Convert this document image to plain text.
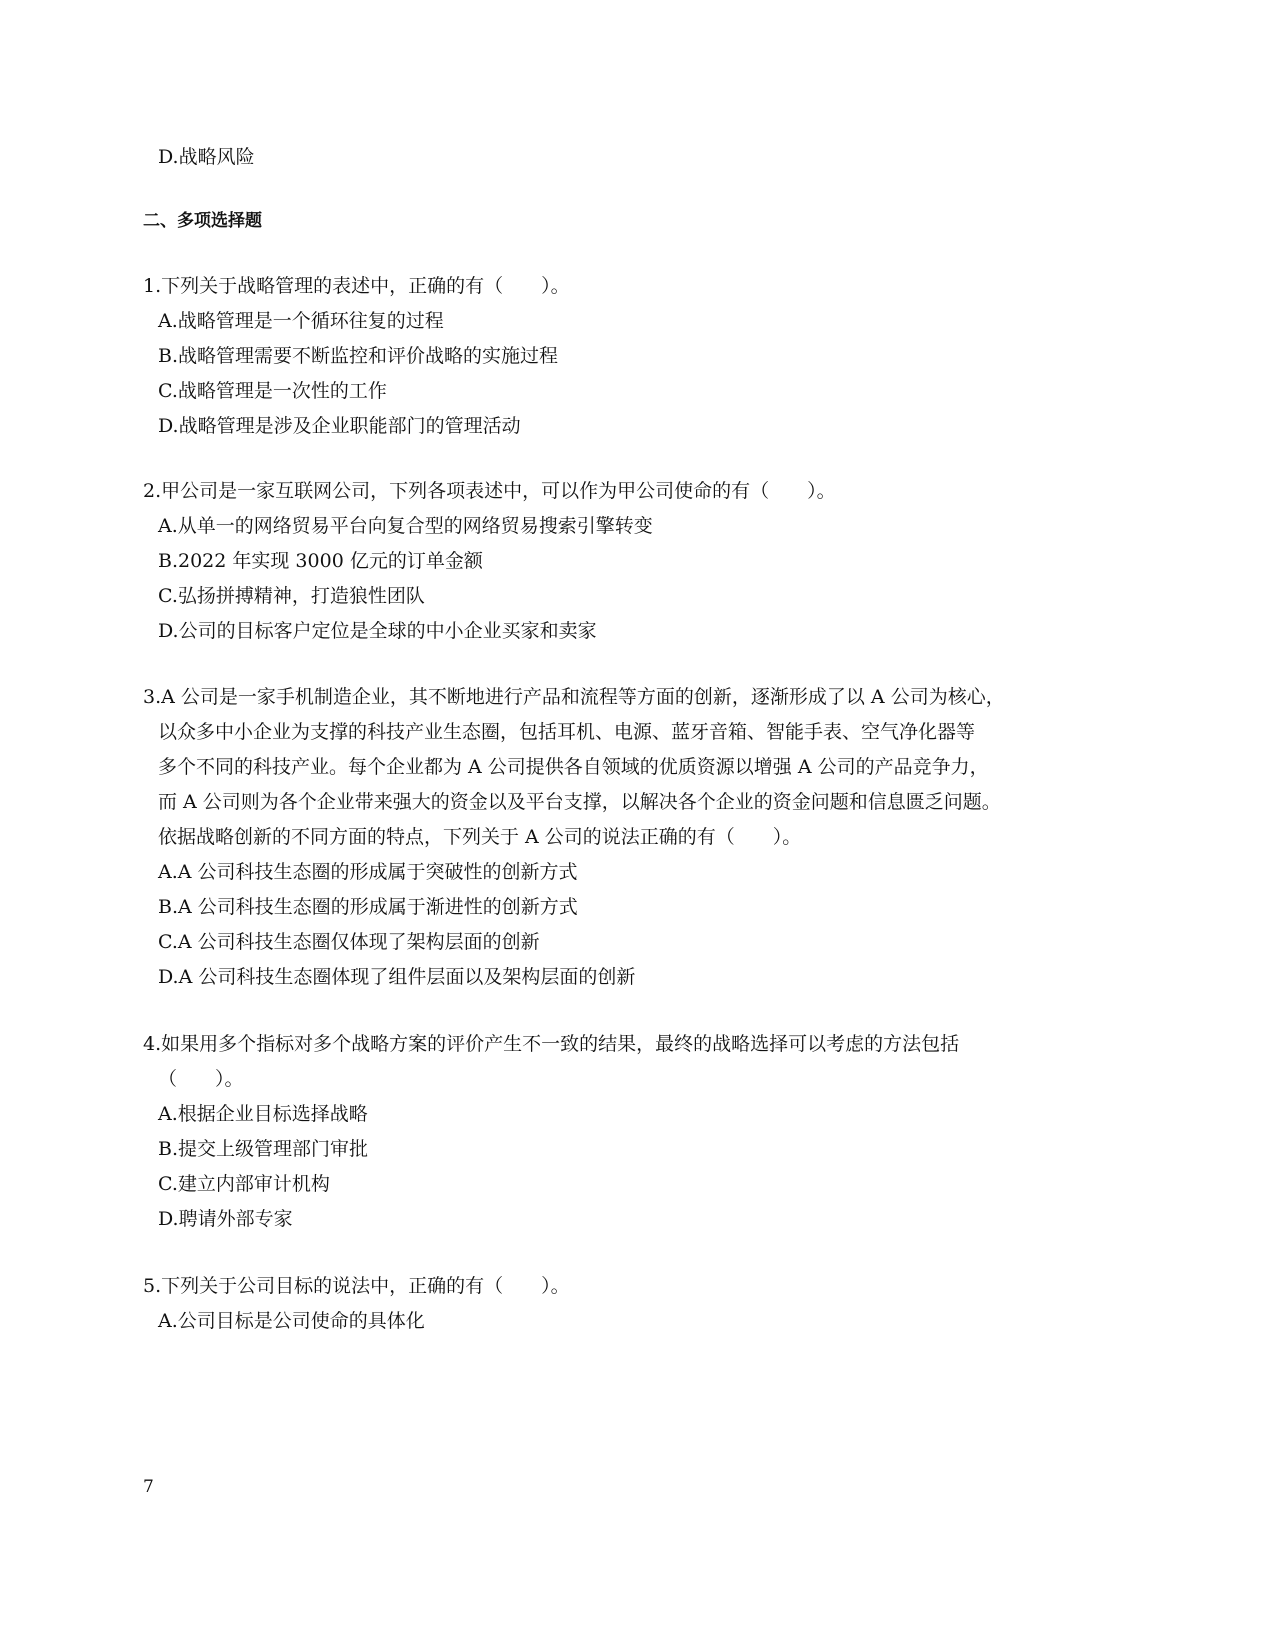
D.战略风险
二、多项选择题
1.下列关于战略管理的表述中，正确的有（　　）。
A.战略管理是一个循环往复的过程
B.战略管理需要不断监控和评价战略的实施过程
C.战略管理是一次性的工作
D.战略管理是涉及企业职能部门的管理活动
2.甲公司是一家互联网公司，下列各项表述中，可以作为甲公司使命的有（　　）。
A.从单一的网络贸易平台向复合型的网络贸易搜索引擎转变
B.2022 年实现 3000 亿元的订单金额
C.弘扬拼搏精神，打造狼性团队
D.公司的目标客户定位是全球的中小企业买家和卖家
3.A 公司是一家手机制造企业，其不断地进行产品和流程等方面的创新，逐渐形成了以 A 公司为核心，
以众多中小企业为支撑的科技产业生态圈，包括耳机、电源、蓝牙音箱、智能手表、空气净化器等
多个不同的科技产业。每个企业都为 A 公司提供各自领域的优质资源以增强 A 公司的产品竞争力，
而 A 公司则为各个企业带来强大的资金以及平台支撑，以解决各个企业的资金问题和信息匮乏问题。
依据战略创新的不同方面的特点，下列关于 A 公司的说法正确的有（　　）。
A.A 公司科技生态圈的形成属于突破性的创新方式
B.A 公司科技生态圈的形成属于渐进性的创新方式
C.A 公司科技生态圈仅体现了架构层面的创新
D.A 公司科技生态圈体现了组件层面以及架构层面的创新
4.如果用多个指标对多个战略方案的评价产生不一致的结果，最终的战略选择可以考虑的方法包括
（　　）。
A.根据企业目标选择战略
B.提交上级管理部门审批
C.建立内部审计机构
D.聘请外部专家
5.下列关于公司目标的说法中，正确的有（　　）。
A.公司目标是公司使命的具体化
7
